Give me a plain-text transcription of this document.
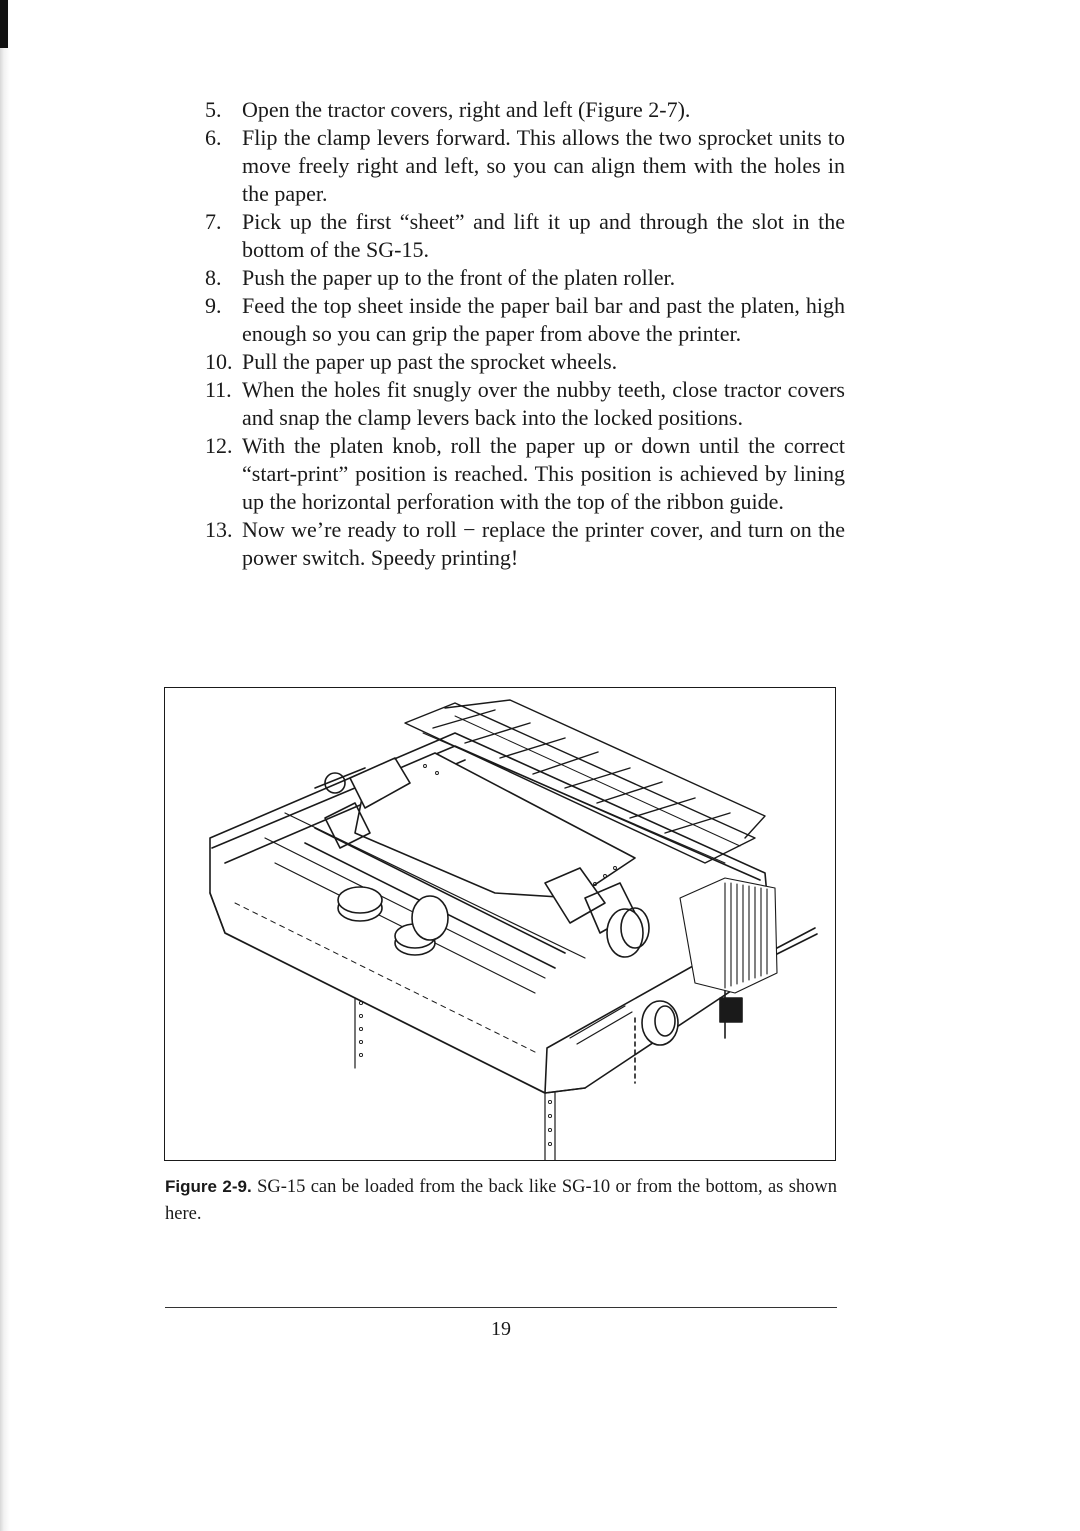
5. Open the tractor covers, right and left (Figure 2-7).
6. Flip the clamp levers forward. This allows the two sprocket units to move freely right and left, so you can align them with the holes in the paper.
7. Pick up the first “sheet” and lift it up and through the slot in the bottom of the SG-15.
8. Push the paper up to the front of the platen roller.
9. Feed the top sheet inside the paper bail bar and past the platen, high enough so you can grip the paper from above the printer.
10. Pull the paper up past the sprocket wheels.
11. When the holes fit snugly over the nubby teeth, close tractor covers and snap the clamp levers back into the locked positions.
12. With the platen knob, roll the paper up or down until the correct “start-print” position is reached. This position is achieved by lining up the horizontal perforation with the top of the ribbon guide.
13. Now we’re ready to roll − replace the printer cover, and turn on the power switch. Speedy printing!
Figure 2-9. SG-15 can be loaded from the back like SG-10 or from the bottom, as shown here.
19
